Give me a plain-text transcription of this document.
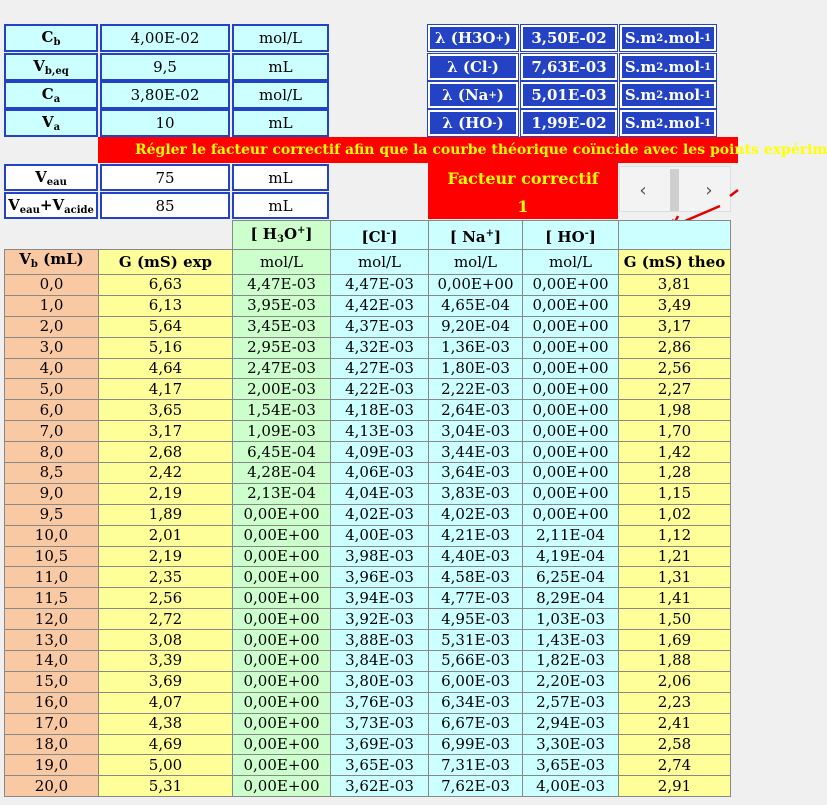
$C_b$	4,00E-02	mol/L
$V_{b,eq}$	9,5	mL
$C_a$	3,80E-02	mol/L
$V_a$	10	mL
λ (H3O + )	3,50E-02	S.m 2 .mol -1
λ (Cl - )	7,63E-03	S.m 2 .mol -1
λ (Na + )	5,01E-03	S.m 2 .mol -1
λ (HO - )	1,99E-02	S.m 2 .mol -1
Régler le facteur correctif afin que la courbe théorique coïncide avec les points expérim
$V_{eau}$	75	mL
$V_{eau}+V_{acide}$	85	mL
Facteur correctif
1
‹	›
		[ $H_3O^+$]	[Cl-]	[ Na+]	[ HO-]	
$V_b$ (mL)	G (mS) exp	mol/L	mol/L	mol/L	mol/L	G (mS) theo
0,0	6,63	4,47E-03	4,47E-03	0,00E+00	0,00E+00	3,81
1,0	6,13	3,95E-03	4,42E-03	4,65E-04	0,00E+00	3,49
2,0	5,64	3,45E-03	4,37E-03	9,20E-04	0,00E+00	3,17
3,0	5,16	2,95E-03	4,32E-03	1,36E-03	0,00E+00	2,86
4,0	4,64	2,47E-03	4,27E-03	1,80E-03	0,00E+00	2,56
5,0	4,17	2,00E-03	4,22E-03	2,22E-03	0,00E+00	2,27
6,0	3,65	1,54E-03	4,18E-03	2,64E-03	0,00E+00	1,98
7,0	3,17	1,09E-03	4,13E-03	3,04E-03	0,00E+00	1,70
8,0	2,68	6,45E-04	4,09E-03	3,44E-03	0,00E+00	1,42
8,5	2,42	4,28E-04	4,06E-03	3,64E-03	0,00E+00	1,28
9,0	2,19	2,13E-04	4,04E-03	3,83E-03	0,00E+00	1,15
9,5	1,89	0,00E+00	4,02E-03	4,02E-03	0,00E+00	1,02
10,0	2,01	0,00E+00	4,00E-03	4,21E-03	2,11E-04	1,12
10,5	2,19	0,00E+00	3,98E-03	4,40E-03	4,19E-04	1,21
11,0	2,35	0,00E+00	3,96E-03	4,58E-03	6,25E-04	1,31
11,5	2,56	0,00E+00	3,94E-03	4,77E-03	8,29E-04	1,41
12,0	2,72	0,00E+00	3,92E-03	4,95E-03	1,03E-03	1,50
13,0	3,08	0,00E+00	3,88E-03	5,31E-03	1,43E-03	1,69
14,0	3,39	0,00E+00	3,84E-03	5,66E-03	1,82E-03	1,88
15,0	3,69	0,00E+00	3,80E-03	6,00E-03	2,20E-03	2,06
16,0	4,07	0,00E+00	3,76E-03	6,34E-03	2,57E-03	2,23
17,0	4,38	0,00E+00	3,73E-03	6,67E-03	2,94E-03	2,41
18,0	4,69	0,00E+00	3,69E-03	6,99E-03	3,30E-03	2,58
19,0	5,00	0,00E+00	3,65E-03	7,31E-03	3,65E-03	2,74
20,0	5,31	0,00E+00	3,62E-03	7,62E-03	4,00E-03	2,91
